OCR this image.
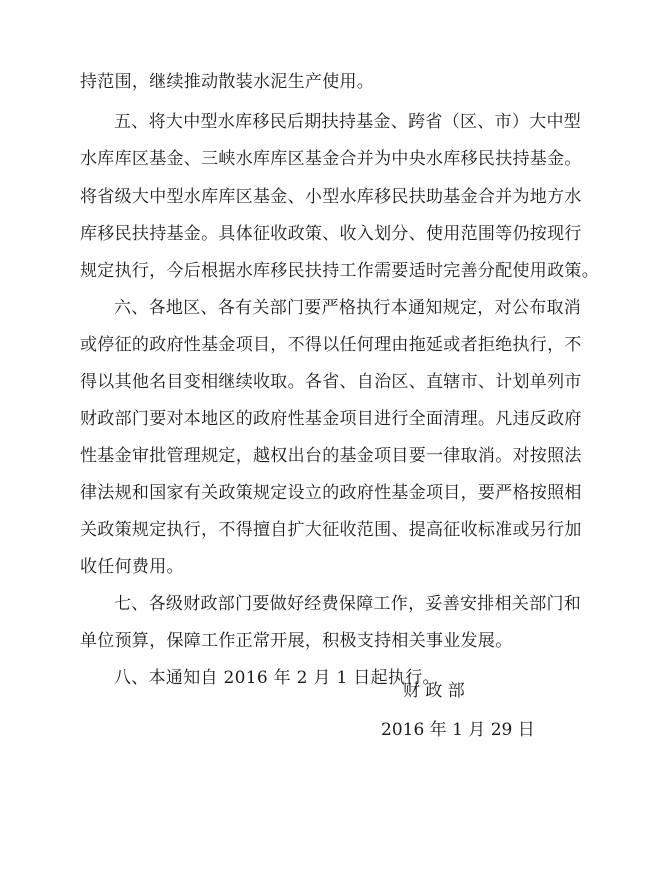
持范围，继续推动散装水泥生产使用。
五、将大中型水库移民后期扶持基金、跨省（区、市）大中型
水库库区基金、三峡水库库区基金合并为中央水库移民扶持基金。
将省级大中型水库库区基金、小型水库移民扶助基金合并为地方水
库移民扶持基金。具体征收政策、收入划分、使用范围等仍按现行
规定执行，今后根据水库移民扶持工作需要适时完善分配使用政策。
六、各地区、各有关部门要严格执行本通知规定，对公布取消
或停征的政府性基金项目，不得以任何理由拖延或者拒绝执行，不
得以其他名目变相继续收取。各省、自治区、直辖市、计划单列市
财政部门要对本地区的政府性基金项目进行全面清理。凡违反政府
性基金审批管理规定，越权出台的基金项目要一律取消。对按照法
律法规和国家有关政策规定设立的政府性基金项目，要严格按照相
关政策规定执行，不得擅自扩大征收范围、提高征收标准或另行加
收任何费用。
七、各级财政部门要做好经费保障工作，妥善安排相关部门和
单位预算，保障工作正常开展，积极支持相关事业发展。
八、本通知自 2016 年 2 月 1 日起执行。
财 政 部
2016 年 1 月 29 日
